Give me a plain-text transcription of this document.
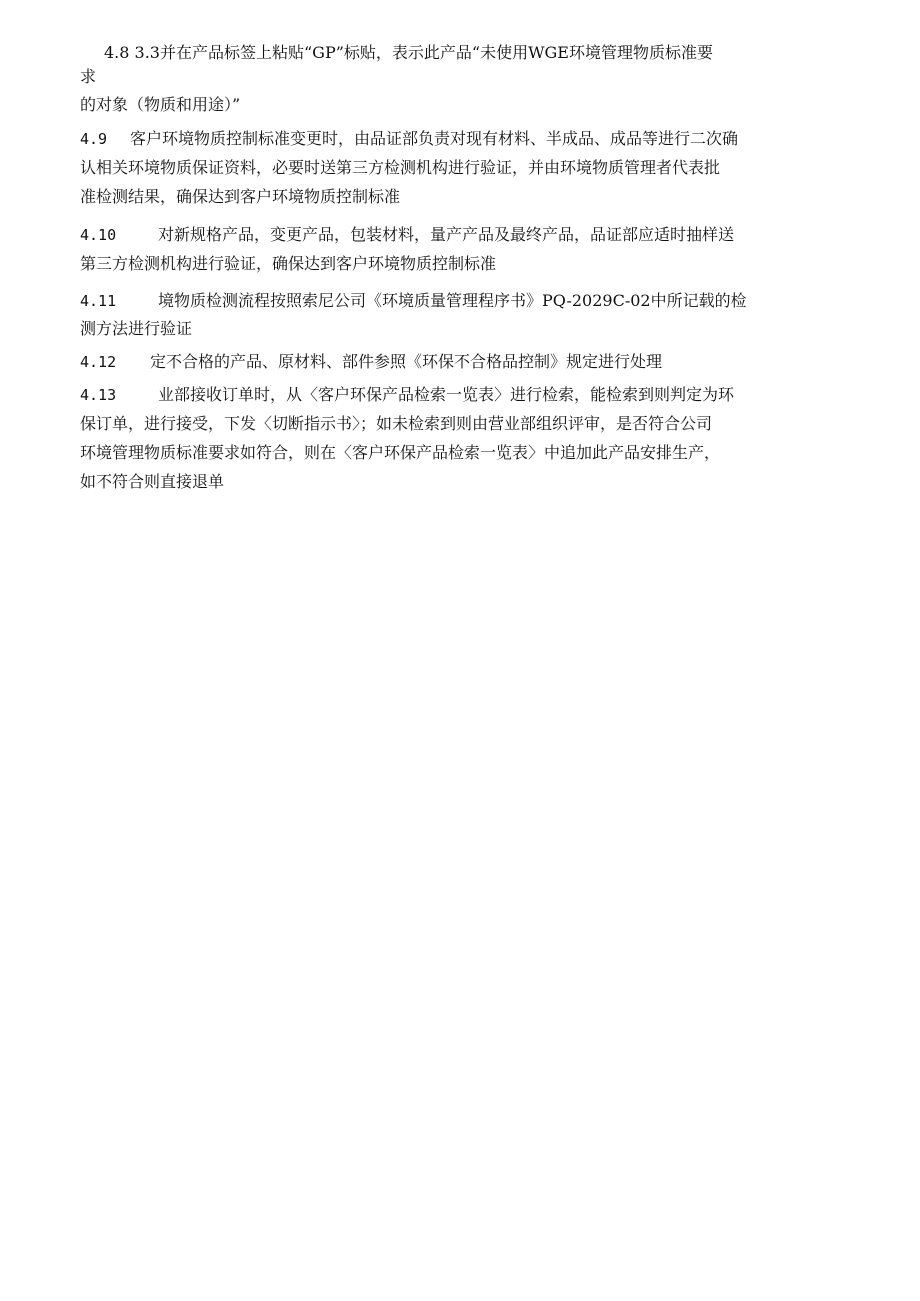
4.8 3.3并在产品标签上粘贴“GP”标贴，表示此产品“未使用WGE环境管理物质标准要
求
的对象（物质和用途）”
4.9 客户环境物质控制标准变更时，由品证部负责对现有材料、半成品、成品等进行二次确
认相关环境物质保证资料，必要时送第三方检测机构进行验证，并由环境物质管理者代表批
准检测结果，确保达到客户环境物质控制标准
4.10	对新规格产品，变更产品，包装材料，量产产品及最终产品，品证部应适时抽样送
第三方检测机构进行验证，确保达到客户环境物质控制标准
4.11	境物质检测流程按照索尼公司《环境质量管理程序书》PQ-2029C-02中所记载的检
测方法进行验证
4.12 定不合格的产品、原材料、部件参照《环保不合格品控制》规定进行处理
4.13	业部接收订单时，从〈客户环保产品检索一览表〉进行检索，能检索到则判定为环
保订单，进行接受，下发〈切断指示书〉；如未检索到则由营业部组织评审，是否符合公司
环境管理物质标准要求如符合，则在〈客户环保产品检索一览表〉中追加此产品安排生产，
如不符合则直接退单
